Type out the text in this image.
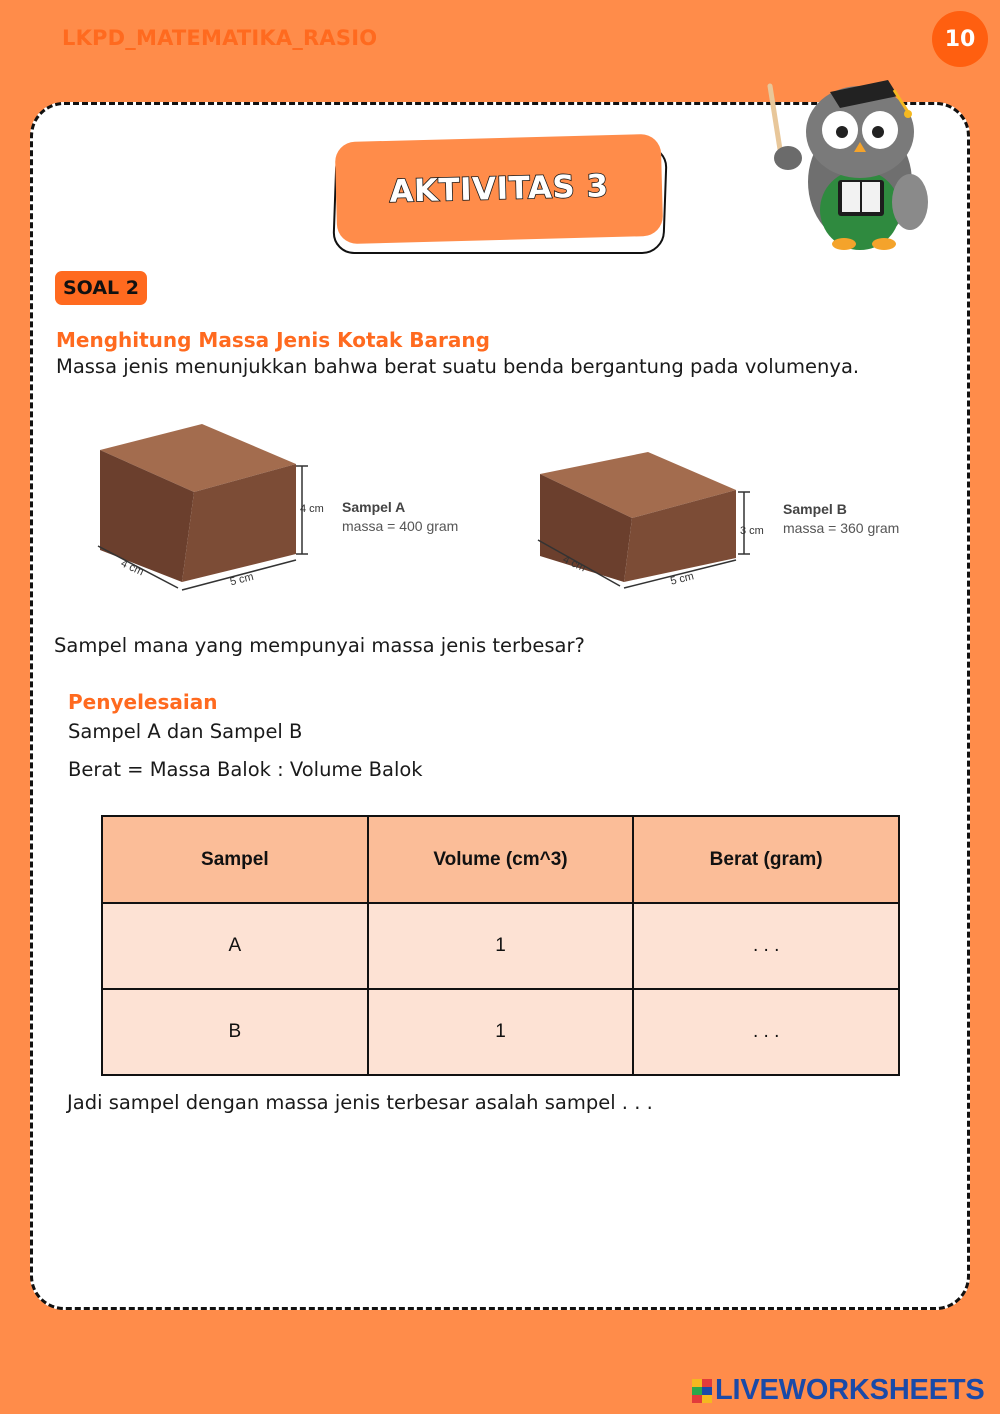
LKPD_MATEMATIKA_RASIO	10
AKTIVITAS 3
SOAL 2
Menghitung Massa Jenis Kotak Barang
Massa jenis menunjukkan bahwa berat suatu benda bergantung pada volumenya.
4 cm
4 cm
5 cm
Sampel A
massa = 400 gram	3 cm
4 cm
5 cm
Sampel B
massa = 360 gram
Sampel mana yang mempunyai massa jenis terbesar?
Penyelesaian
Sampel A dan Sampel B
Berat = Massa Balok : Volume Balok
Sampel	Volume (cm^3)	Berat (gram)
A	1	. . .
B	1	. . .
Jadi sampel dengan massa jenis terbesar asalah sampel . . .
LIVEWORKSHEETS
